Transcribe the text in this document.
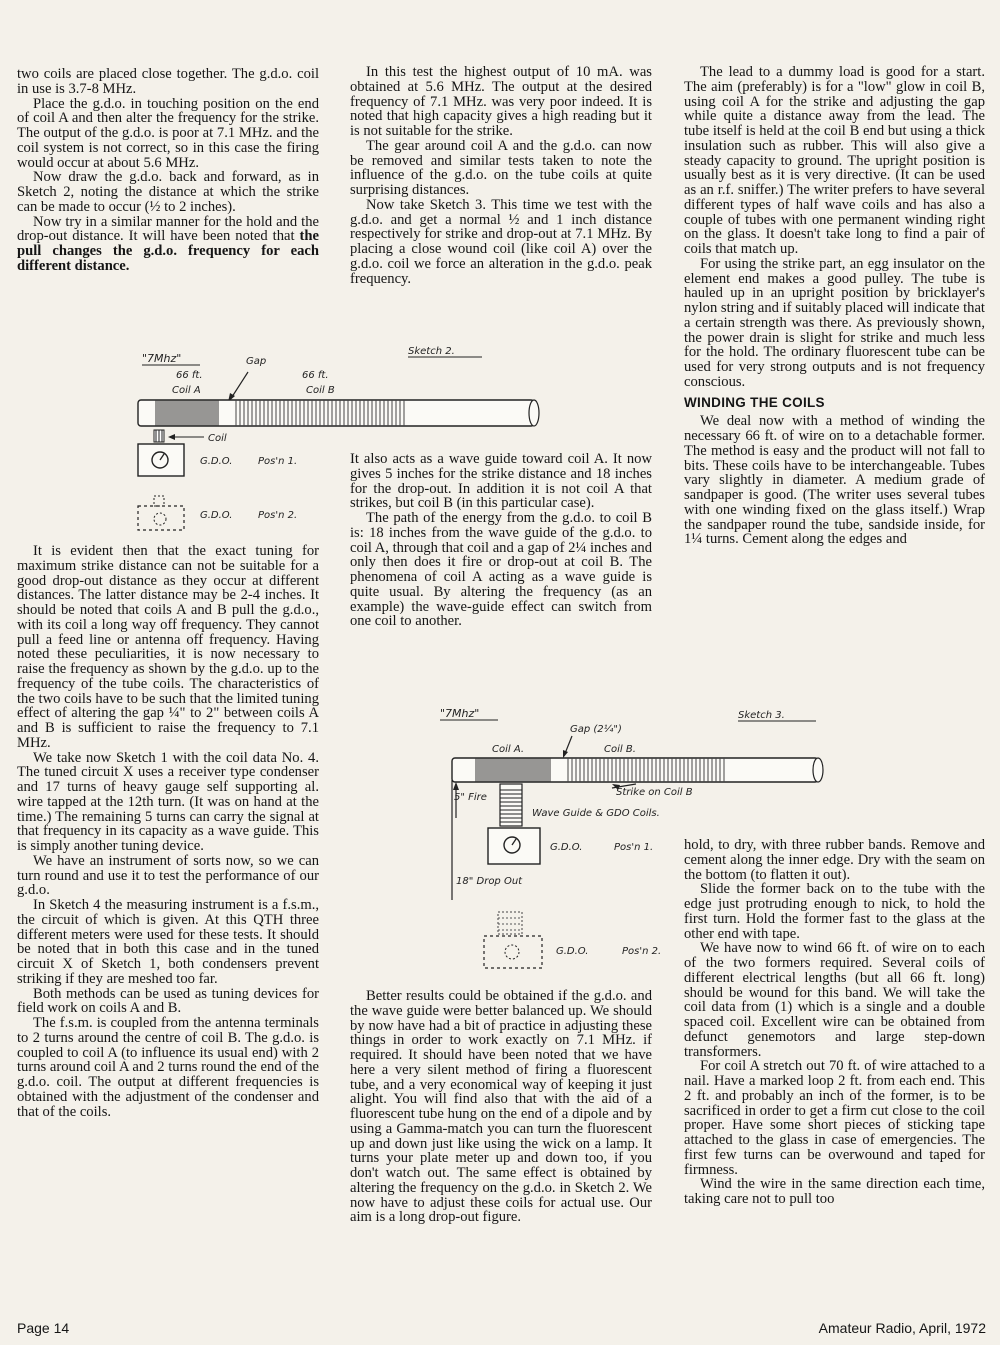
two coils are placed close together. The g.d.o. coil in use is 3.7-8 MHz.

Place the g.d.o. in touching position on the end of coil A and then alter the frequency for the strike. The output of the g.d.o. is poor at 7.1 MHz. and the coil system is not correct, so in this case the firing would occur at about 5.6 MHz.

Now draw the g.d.o. back and forward, as in Sketch 2, noting the distance at which the strike can be made to occur (½ to 2 inches).

Now try in a similar manner for the hold and the drop-out distance. It will have been noted that the pull changes the g.d.o. frequency for each different distance.

"7Mhz"
Sketch 2.
Gap
66 ft.
Coil A
66 ft.
Coil B
Coil
G.D.O.	Pos'n 1.
G.D.O.	Pos'n 2.

It is evident then that the exact tuning for maximum strike distance can not be suitable for a good drop-out distance as they occur at different distances. The latter distance may be 2-4 inches. It should be noted that coils A and B pull the g.d.o., with its coil a long way off frequency. They cannot pull a feed line or antenna off frequency. Having noted these peculiarities, it is now necessary to raise the frequency as shown by the g.d.o. up to the frequency of the tube coils. The characteristics of the two coils have to be such that the limited tuning effect of altering the gap ¼" to 2" between coils A and B is sufficient to raise the frequency to 7.1 MHz.

We take now Sketch 1 with the coil data No. 4. The tuned circuit X uses a receiver type condenser and 17 turns of heavy gauge self supporting al. wire tapped at the 12th turn. (It was on hand at the time.) The remaining 5 turns can carry the signal at that frequency in its capacity as a wave guide. This is simply another tuning device.

We have an instrument of sorts now, so we can turn round and use it to test the performance of our g.d.o.

In Sketch 4 the measuring instrument is a f.s.m., the circuit of which is given. At this QTH three different meters were used for these tests. It should be noted that in both this case and in the tuned circuit X of Sketch 1, both condensers prevent striking if they are meshed too far.

Both methods can be used as tuning devices for field work on coils A and B.

The f.s.m. is coupled from the antenna terminals to 2 turns around the centre of coil B. The g.d.o. is coupled to coil A (to influence its usual end) with 2 turns around coil A and 2 turns round the end of the g.d.o. coil. The output at different frequencies is obtained with the adjustment of the condenser and that of the coils.

In this test the highest output of 10 mA. was obtained at 5.6 MHz. The output at the desired frequency of 7.1 MHz. was very poor indeed. It is noted that high capacity gives a high reading but it is not suitable for the strike.

The gear around coil A and the g.d.o. can now be removed and similar tests taken to note the influence of the g.d.o. on the tube coils at quite surprising distances.

Now take Sketch 3. This time we test with the g.d.o. and get a normal ½ and 1 inch distance respectively for strike and drop-out at 7.1 MHz. By placing a close wound coil (like coil A) over the g.d.o. coil we force an alteration in the g.d.o. peak frequency.

It also acts as a wave guide toward coil A. It now gives 5 inches for the strike distance and 18 inches for the drop-out. In addition it is not coil A that strikes, but coil B (in this particular case).

The path of the energy from the g.d.o. to coil B is: 18 inches from the wave guide of the g.d.o. to coil A, through that coil and a gap of 2¼ inches and only then does it fire or drop-out at coil B. The phenomena of coil A acting as a wave guide is quite usual. By altering the frequency (as an example) the wave-guide effect can switch from one coil to another.

The lead to a dummy load is good for a start. The aim (preferably) is for a "low" glow in coil B, using coil A for the strike and adjusting the gap while quite a distance away from the lead. The tube itself is held at the coil B end but using a thick insulation such as rubber. This will also give a steady capacity to ground. The upright position is usually best as it is very directive. (It can be used as an r.f. sniffer.) The writer prefers to have several different types of half wave coils and has also a couple of tubes with one permanent winding right on the glass. It doesn't take long to find a pair of coils that match up.

For using the strike part, an egg insulator on the element end makes a good pulley. The tube is hauled up in an upright position by bricklayer's nylon string and if suitably placed will indicate that a certain strength was there. As previously shown, the power drain is slight for strike and much less for the hold. The ordinary fluorescent tube can be used for very strong outputs and is not frequency conscious.

WINDING THE COILS

We deal now with a method of winding the necessary 66 ft. of wire on to a detachable former. The method is easy and the product will not fall to bits. These coils have to be interchangeable. Tubes vary slightly in diameter. A medium grade of sandpaper is good. (The writer uses several tubes with one winding fixed on the glass itself.) Wrap the sandpaper round the tube, sandside inside, for 1¼ turns. Cement along the edges and

"7Mhz"	Sketch 3.
Gap (2¼")
Coil A.	Coil B.
5" Fire	Strike on Coil B
Wave Guide & GDO Coils.
G.D.O.	Pos'n 1.
18" Drop Out
G.D.O.	Pos'n 2.

Better results could be obtained if the g.d.o. and the wave guide were better balanced up. We should by now have had a bit of practice in adjusting these things in order to work exactly on 7.1 MHz. if required. It should have been noted that we have here a very silent method of firing a fluorescent tube, and a very economical way of keeping it just alight. You will find also that with the aid of a fluorescent tube hung on the end of a dipole and by using a Gamma-match you can turn the fluorescent up and down just like using the wick on a lamp. It turns your plate meter up and down too, if you don't watch out. The same effect is obtained by altering the frequency on the g.d.o. in Sketch 2. We now have to adjust these coils for actual use. Our aim is a long drop-out figure.

hold, to dry, with three rubber bands. Remove and cement along the inner edge. Dry with the seam on the bottom (to flatten it out).

Slide the former back on to the tube with the edge just protruding enough to nick, to hold the first turn. Hold the former fast to the glass at the other end with tape.

We have now to wind 66 ft. of wire on to each of the two formers required. Several coils of different electrical lengths (but all 66 ft. long) should be wound for this band. We will take the coil data from (1) which is a single and a double spaced coil. Excellent wire can be obtained from defunct genemotors and large step-down transformers.

For coil A stretch out 70 ft. of wire attached to a nail. Have a marked loop 2 ft. from each end. This 2 ft. and probably an inch of the former, is to be sacrificed in order to get a firm cut close to the coil proper. Have some short pieces of sticking tape attached to the glass in case of emergencies. The first few turns can be overwound and taped for firmness.

Wind the wire in the same direction each time, taking care not to pull too

Page 14	Amateur Radio, April, 1972
